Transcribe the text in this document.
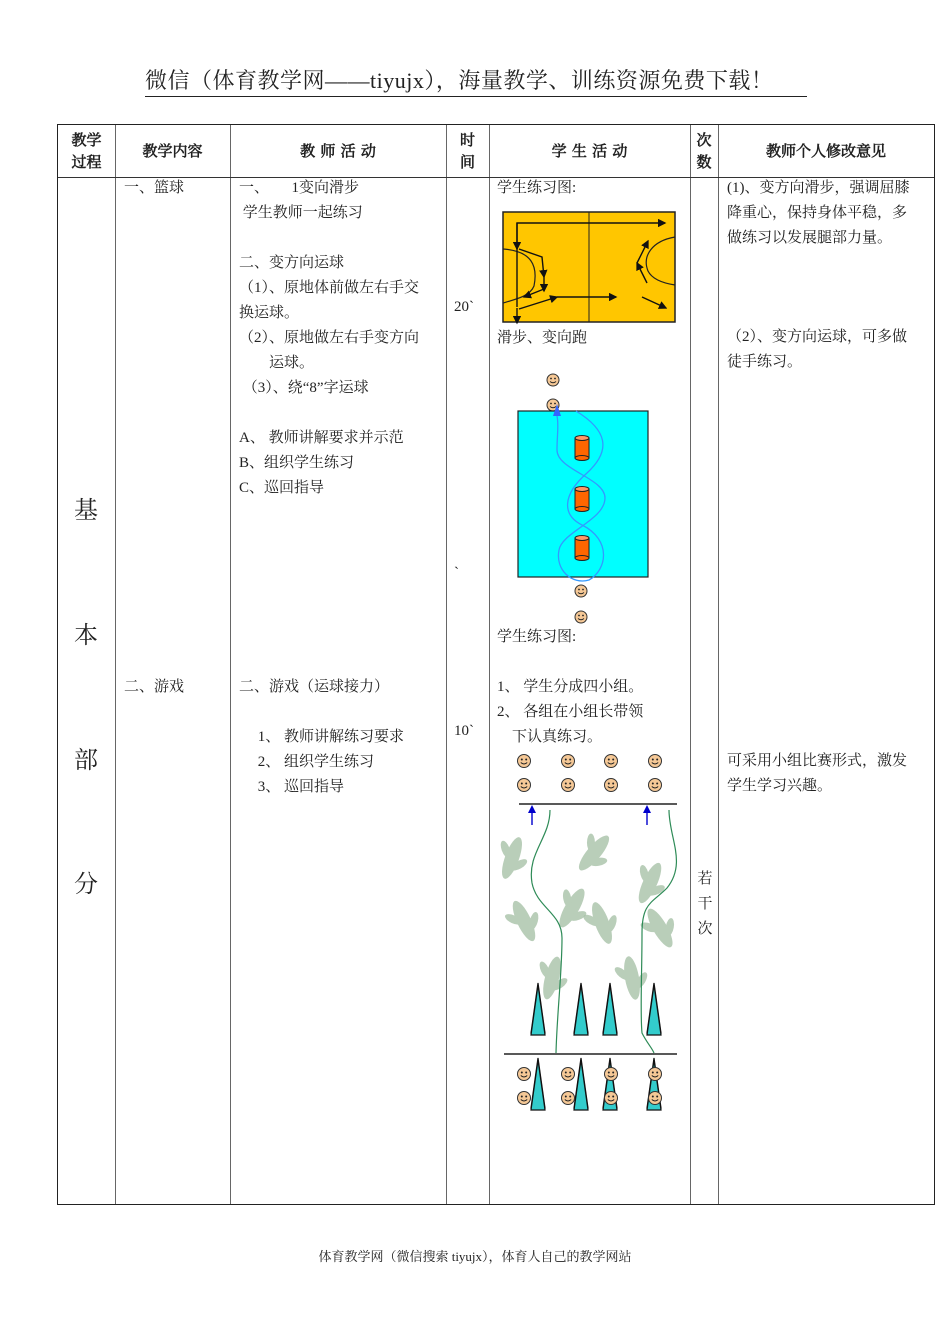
微信（体育教学网——tiyujx），海量教学、训练资源免费下载！
教学
过程
教学内容	教 师 活 动
时
间
学 生 活 动
次
数
教师个人修改意见
基
本
部
分
一、篮球
二、游戏
一、      1变向滑步
学生教师一起练习
二、变方向运球
（1）、原地体前做左右手交
换运球。
（2）、原地做左右手变方向
运球。
（3）、绕“8”字运球
A、 教师讲解要求并示范
B、组织学生练习
C、巡回指导
二、游戏（运球接力）
1、 教师讲解练习要求
2、 组织学生练习
3、 巡回指导
20`
`
10`
学生练习图:
滑步、变向跑
学生练习图:
1、 学生分成四小组。
2、 各组在小组长带领
下认真练习。
若
干
次
(1)、变方向滑步，强调屈膝
降重心，保持身体平稳，多
做练习以发展腿部力量。
（2）、变方向运球，可多做
徒手练习。
可采用小组比赛形式，激发
学生学习兴趣。
体育教学网（微信搜索 tiyujx），体育人自己的教学网站
